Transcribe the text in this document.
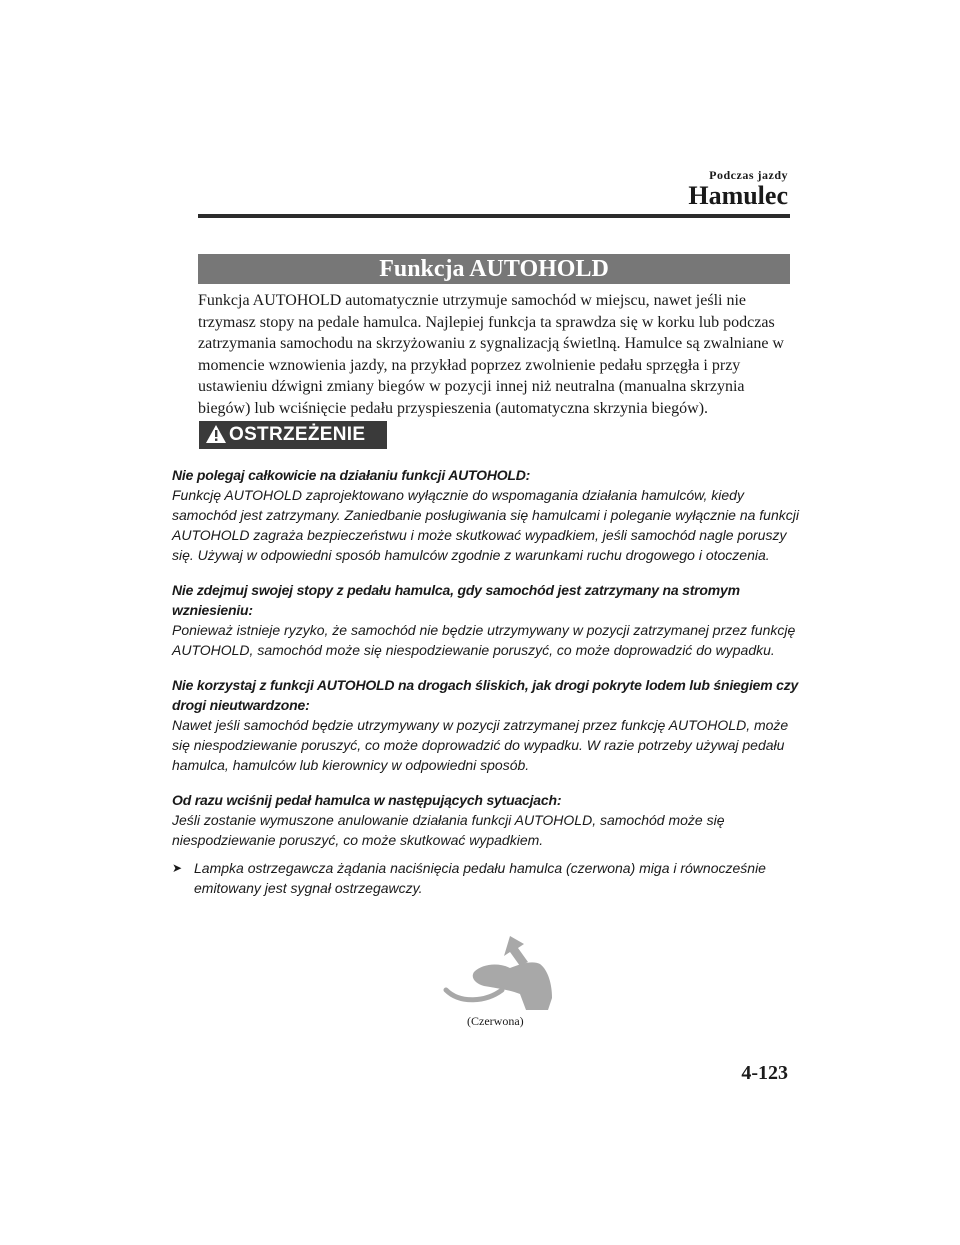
Podczas jazdy
Hamulec
Funkcja AUTOHOLD
Funkcja AUTOHOLD automatycznie utrzymuje samochód w miejscu, nawet jeśli nie trzymasz stopy na pedale hamulca. Najlepiej funkcja ta sprawdza się w korku lub podczas zatrzymania samochodu na skrzyżowaniu z sygnalizacją świetlną. Hamulce są zwalniane w momencie wznowienia jazdy, na przykład poprzez zwolnienie pedału sprzęgła i przy ustawieniu dźwigni zmiany biegów w pozycji innej niż neutralna (manualna skrzynia biegów) lub wciśnięcie pedału przyspieszenia (automatyczna skrzynia biegów).
OSTRZEŻENIE

Nie polegaj całkowicie na działaniu funkcji AUTOHOLD:
Funkcję AUTOHOLD zaprojektowano wyłącznie do wspomagania działania hamulców, kiedy samochód jest zatrzymany. Zaniedbanie posługiwania się hamulcami i poleganie wyłącznie na funkcji AUTOHOLD zagraża bezpieczeństwu i może skutkować wypadkiem, jeśli samochód nagle poruszy się. Używaj w odpowiedni sposób hamulców zgodnie z warunkami ruchu drogowego i otoczenia.

Nie zdejmuj swojej stopy z pedału hamulca, gdy samochód jest zatrzymany na stromym wzniesieniu:
Ponieważ istnieje ryzyko, że samochód nie będzie utrzymywany w pozycji zatrzymanej przez funkcję AUTOHOLD, samochód może się niespodziewanie poruszyć, co może doprowadzić do wypadku.

Nie korzystaj z funkcji AUTOHOLD na drogach śliskich, jak drogi pokryte lodem lub śniegiem czy drogi nieutwardzone:
Nawet jeśli samochód będzie utrzymywany w pozycji zatrzymanej przez funkcję AUTOHOLD, może się niespodziewanie poruszyć, co może doprowadzić do wypadku. W razie potrzeby używaj pedału hamulca, hamulców lub kierownicy w odpowiedni sposób.

Od razu wciśnij pedał hamulca w następujących sytuacjach:
Jeśli zostanie wymuszone anulowanie działania funkcji AUTOHOLD, samochód może się niespodziewanie poruszyć, co może skutkować wypadkiem.

➤ Lampka ostrzegawcza żądania naciśnięcia pedału hamulca (czerwona) miga i równocześnie emitowany jest sygnał ostrzegawczy.

(Czerwona)
4-123
